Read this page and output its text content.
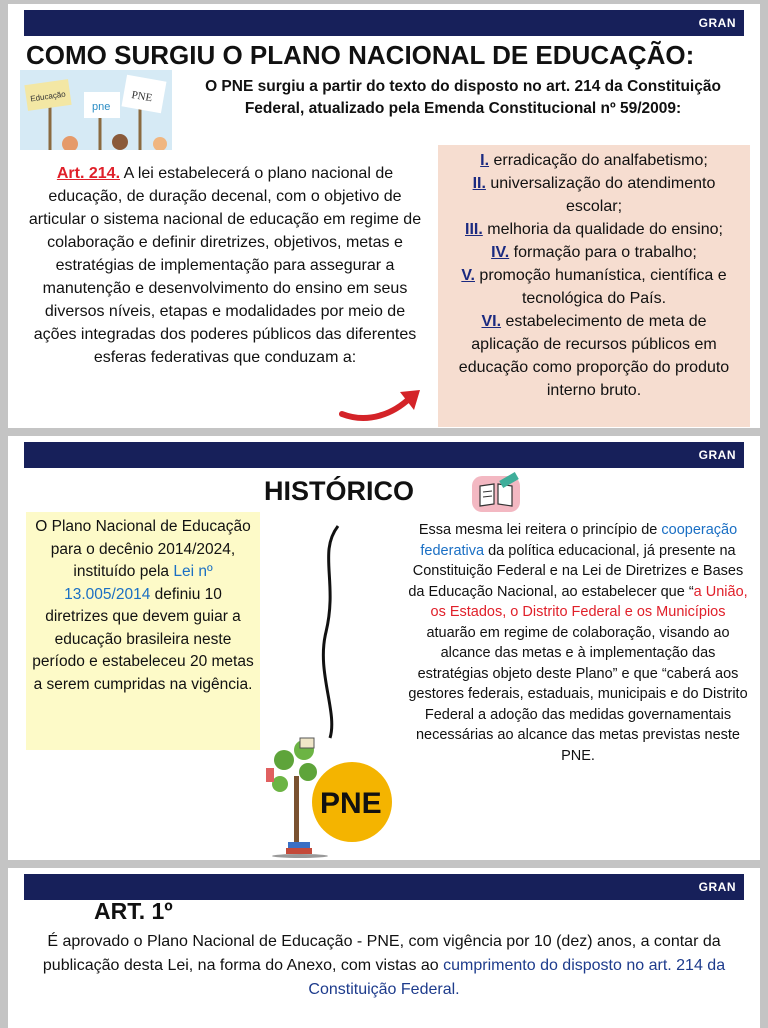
GRAN
COMO SURGIU O PLANO NACIONAL DE EDUCAÇÃO:
Educação
pne
PNE
O PNE surgiu a partir do texto do disposto no art. 214 da Constituição Federal, atualizado pela Emenda Constitucional nº 59/2009:
Art. 214. A lei estabelecerá o plano nacional de educação, de duração decenal, com o objetivo de articular o sistema nacional de educação em regime de colaboração e definir diretrizes, objetivos, metas e estratégias de implementação para assegurar a manutenção e desenvolvimento do ensino em seus diversos níveis, etapas e modalidades por meio de ações integradas dos poderes públicos das diferentes esferas federativas que conduzam a:
I. erradicação do analfabetismo;
II. universalização do atendimento escolar;
III. melhoria da qualidade do ensino;
IV. formação para o trabalho;
V. promoção humanística, científica e tecnológica do País.
VI. estabelecimento de meta de aplicação de recursos públicos em educação como proporção do produto interno bruto.
GRAN
HISTÓRICO
O Plano Nacional de Educação para o decênio 2014/2024, instituído pela Lei nº 13.005/2014 definiu 10 diretrizes que devem guiar a educação brasileira neste período e estabeleceu 20 metas a serem cumpridas na vigência.
PNE
Essa mesma lei reitera o princípio de cooperação federativa da política educacional, já presente na Constituição Federal e na Lei de Diretrizes e Bases da Educação Nacional, ao estabelecer que “a União, os Estados, o Distrito Federal e os Municípios atuarão em regime de colaboração, visando ao alcance das metas e à implementação das estratégias objeto deste Plano” e que “caberá aos gestores federais, estaduais, municipais e do Distrito Federal a adoção das medidas governamentais necessárias ao alcance das metas previstas neste PNE.
GRAN
ART. 1º
É aprovado o Plano Nacional de Educação - PNE, com vigência por 10 (dez) anos, a contar da publicação desta Lei, na forma do Anexo, com vistas ao cumprimento do disposto no art. 214 da Constituição Federal.
